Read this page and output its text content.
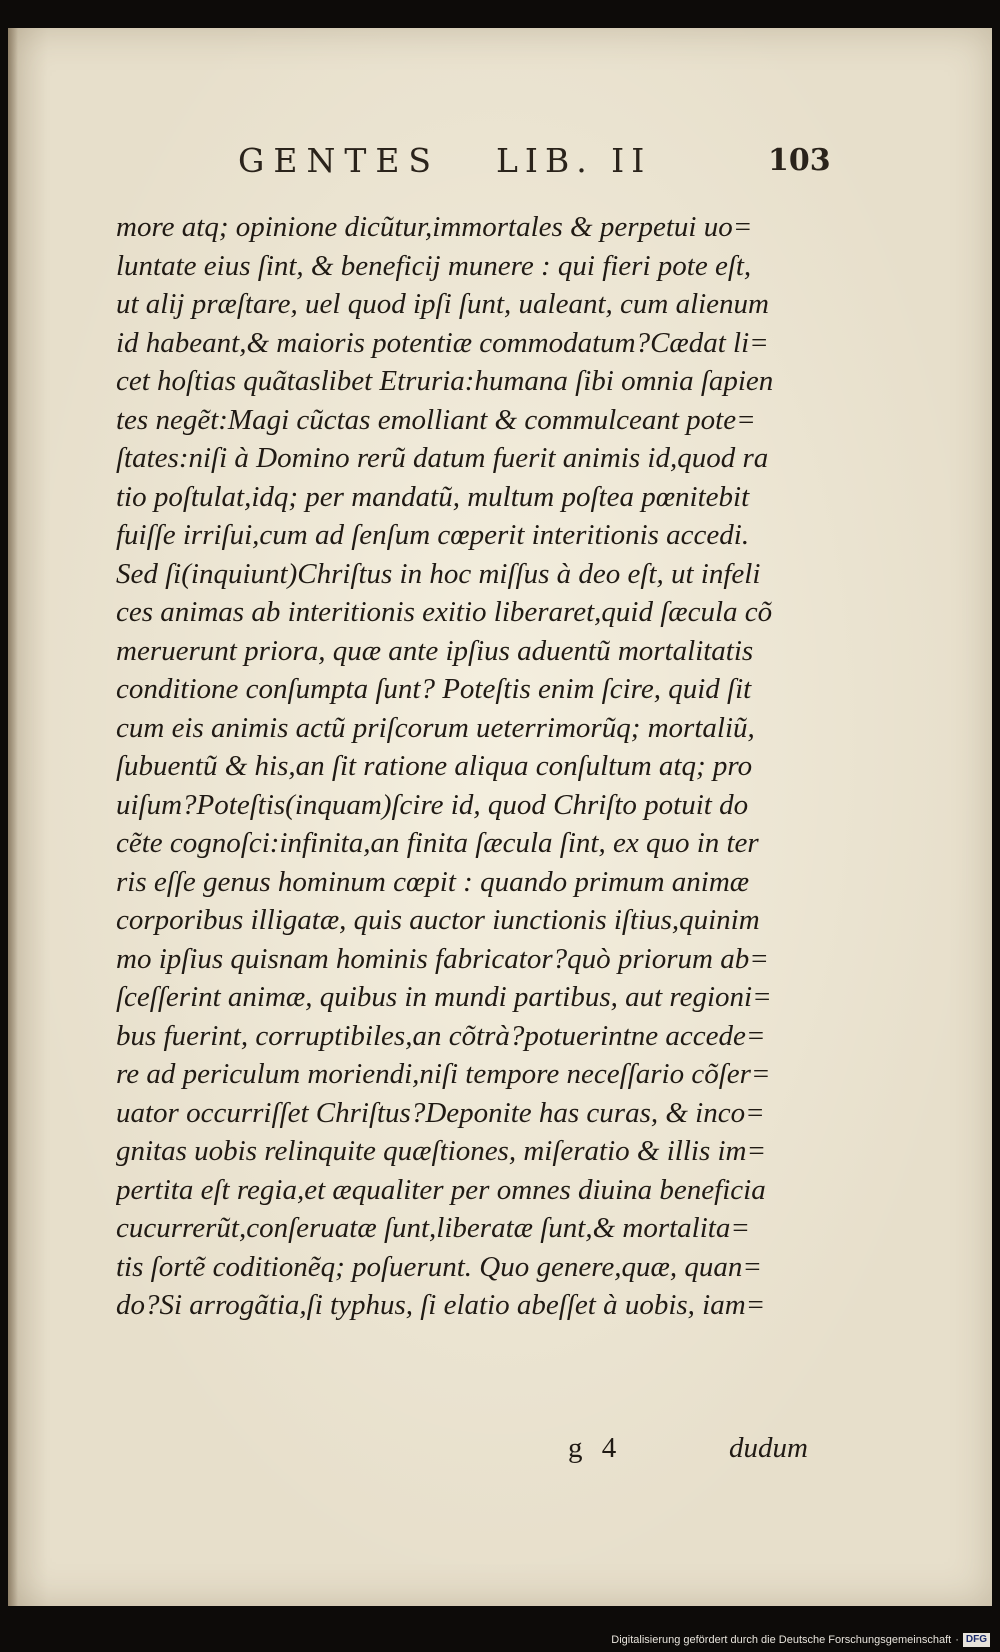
GENTES LIB. II	103
more atq; opinione dicũtur,immortales & perpetui uo=
luntate eius ſint, & beneficij munere : qui fieri pote eſt,
ut alij præſtare, uel quod ipſi ſunt, ualeant, cum alienum
id habeant,& maioris potentiæ commodatum?Cædat li=
cet hoſtias quãtaslibet Etruria:humana ſibi omnia ſapien
tes negẽt:Magi cũctas emolliant & commulceant pote=
ſtates:niſi à Domino rerũ datum fuerit animis id,quod ra
tio poſtulat,idq; per mandatũ, multum poſtea pœnitebit
fuiſſe irriſui,cum ad ſenſum cœperit interitionis accedi.
Sed ſi(inquiunt)Chriſtus in hoc miſſus à deo eſt, ut infeli
ces animas ab interitionis exitio liberaret,quid ſæcula cõ
meruerunt priora, quæ ante ipſius aduentũ mortalitatis
conditione conſumpta ſunt? Poteſtis enim ſcire, quid ſit
cum eis animis actũ priſcorum ueterrimorũq; mortaliũ,
ſubuentũ & his,an ſit ratione aliqua conſultum atq; pro
uiſum?Poteſtis(inquam)ſcire id, quod Chriſto potuit do
cẽte cognoſci:infinita,an finita ſæcula ſint, ex quo in ter
ris eſſe genus hominum cœpit : quando primum animæ
corporibus illigatæ, quis auctor iunctionis iſtius,quinim
mo ipſius quisnam hominis fabricator?quò priorum ab=
ſceſſerint animæ, quibus in mundi partibus, aut regioni=
bus fuerint, corruptibiles,an cõtrà?potuerintne accede=
re ad periculum moriendi,niſi tempore neceſſario cõſer=
uator occurriſſet Chriſtus?Deponite has curas, & inco=
gnitas uobis relinquite quæſtiones, miſeratio & illis im=
pertita eſt regia,et æqualiter per omnes diuina beneficia
cucurrerũt,conſeruatæ ſunt,liberatæ ſunt,& mortalita=
tis ſortẽ coditionẽq; poſuerunt. Quo genere,quæ, quan=
do?Si arrogãtia,ſi typhus, ſi elatio abeſſet à uobis, iam=
g 4	dudum
Digitalisierung gefördert durch die Deutsche Forschungsgemeinschaft · DFG
